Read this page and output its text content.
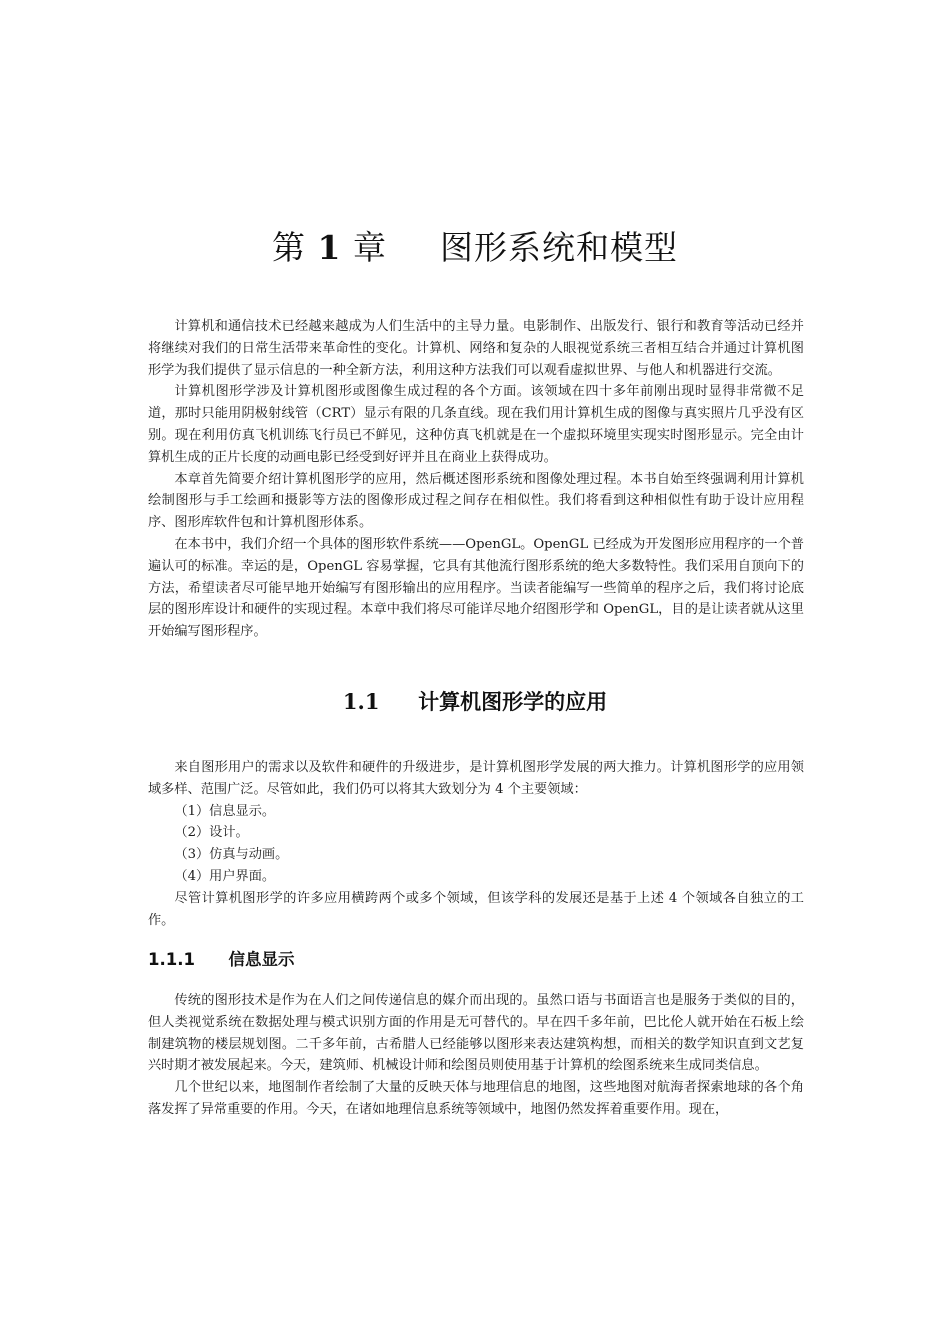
第 1 章 图形系统和模型

计算机和通信技术已经越来越成为人们生活中的主导力量。电影制作、出版发行、银行和教育等活动已经并将继续对我们的日常生活带来革命性的变化。计算机、网络和复杂的人眼视觉系统三者相互结合并通过计算机图形学为我们提供了显示信息的一种全新方法，利用这种方法我们可以观看虚拟世界、与他人和机器进行交流。

计算机图形学涉及计算机图形或图像生成过程的各个方面。该领域在四十多年前刚出现时显得非常微不足道，那时只能用阴极射线管（CRT）显示有限的几条直线。现在我们用计算机生成的图像与真实照片几乎没有区别。现在利用仿真飞机训练飞行员已不鲜见，这种仿真飞机就是在一个虚拟环境里实现实时图形显示。完全由计算机生成的正片长度的动画电影已经受到好评并且在商业上获得成功。

本章首先简要介绍计算机图形学的应用，然后概述图形系统和图像处理过程。本书自始至终强调利用计算机绘制图形与手工绘画和摄影等方法的图像形成过程之间存在相似性。我们将看到这种相似性有助于设计应用程序、图形库软件包和计算机图形体系。

在本书中，我们介绍一个具体的图形软件系统——OpenGL。OpenGL 已经成为开发图形应用程序的一个普遍认可的标准。幸运的是，OpenGL 容易掌握，它具有其他流行图形系统的绝大多数特性。我们采用自顶向下的方法，希望读者尽可能早地开始编写有图形输出的应用程序。当读者能编写一些简单的程序之后，我们将讨论底层的图形库设计和硬件的实现过程。本章中我们将尽可能详尽地介绍图形学和 OpenGL，目的是让读者就从这里开始编写图形程序。

1.1 计算机图形学的应用

来自图形用户的需求以及软件和硬件的升级进步，是计算机图形学发展的两大推力。计算机图形学的应用领域多样、范围广泛。尽管如此，我们仍可以将其大致划分为 4 个主要领域：

（1）信息显示。

（2）设计。

（3）仿真与动画。

（4）用户界面。

尽管计算机图形学的许多应用横跨两个或多个领域，但该学科的发展还是基于上述 4 个领域各自独立的工作。

1.1.1 信息显示

传统的图形技术是作为在人们之间传递信息的媒介而出现的。虽然口语与书面语言也是服务于类似的目的，但人类视觉系统在数据处理与模式识别方面的作用是无可替代的。早在四千多年前，巴比伦人就开始在石板上绘制建筑物的楼层规划图。二千多年前，古希腊人已经能够以图形来表达建筑构想，而相关的数学知识直到文艺复兴时期才被发展起来。今天，建筑师、机械设计师和绘图员则使用基于计算机的绘图系统来生成同类信息。

几个世纪以来，地图制作者绘制了大量的反映天体与地理信息的地图，这些地图对航海者探索地球的各个角落发挥了异常重要的作用。今天，在诸如地理信息系统等领域中，地图仍然发挥着重要作用。现在，
